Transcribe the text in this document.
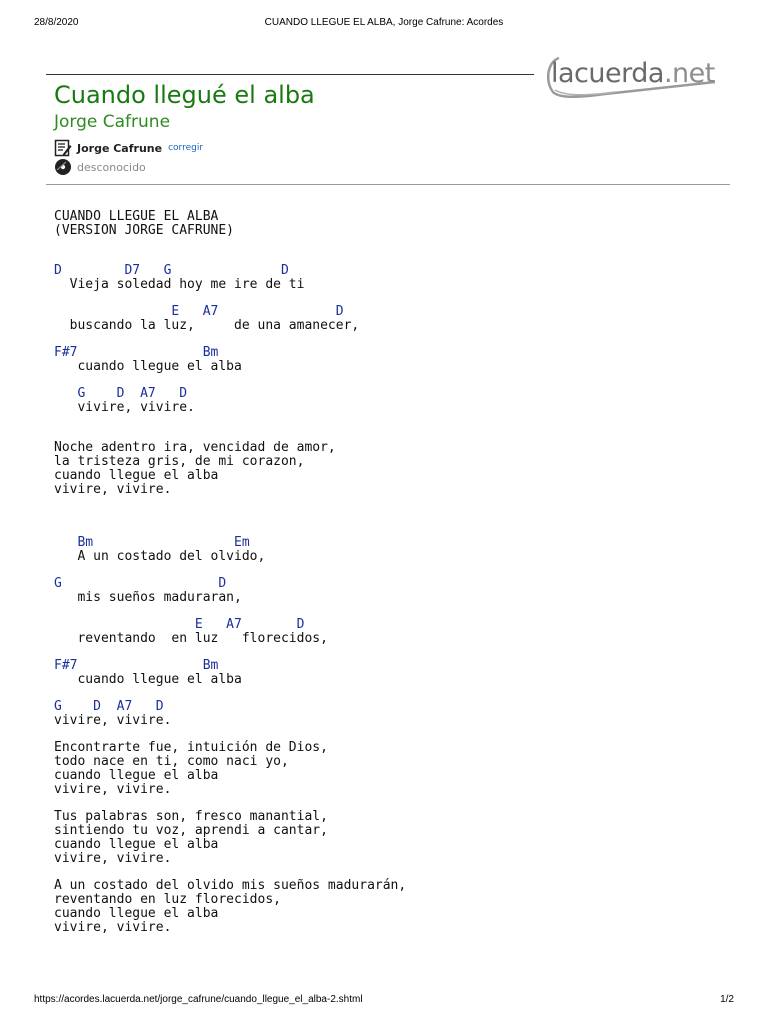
28/8/2020	CUANDO LLEGUE EL ALBA, Jorge Cafrune: Acordes
lacuerda.net
Cuando llegué el alba
Jorge Cafrune
Jorge Cafrune corregir
desconocido
CUANDO LLEGUE EL ALBA
(VERSION JORGE CAFRUNE)
D        D7   G              D
Vieja soledad hoy me ire de ti
E   A7               D
buscando la luz,     de una amanecer,
F#7                Bm
cuando llegue el alba
G    D  A7   D
vivire, vivire.
Noche adentro ira, vencidad de amor,
la tristeza gris, de mi corazon,
cuando llegue el alba
vivire, vivire.
Bm                  Em
A un costado del olvido,
G                    D
mis sueños maduraran,
E   A7       D
reventando  en luz   florecidos,
F#7                Bm
cuando llegue el alba
G    D  A7   D
vivire, vivire.
Encontrarte fue, intuición de Dios,
todo nace en ti, como naci yo,
cuando llegue el alba
vivire, vivire.
Tus palabras son, fresco manantial,
sintiendo tu voz, aprendi a cantar,
cuando llegue el alba
vivire, vivire.
A un costado del olvido mis sueños madurarán,
reventando en luz florecidos,
cuando llegue el alba
vivire, vivire.
https://acordes.lacuerda.net/jorge_cafrune/cuando_llegue_el_alba-2.shtml	1/2
